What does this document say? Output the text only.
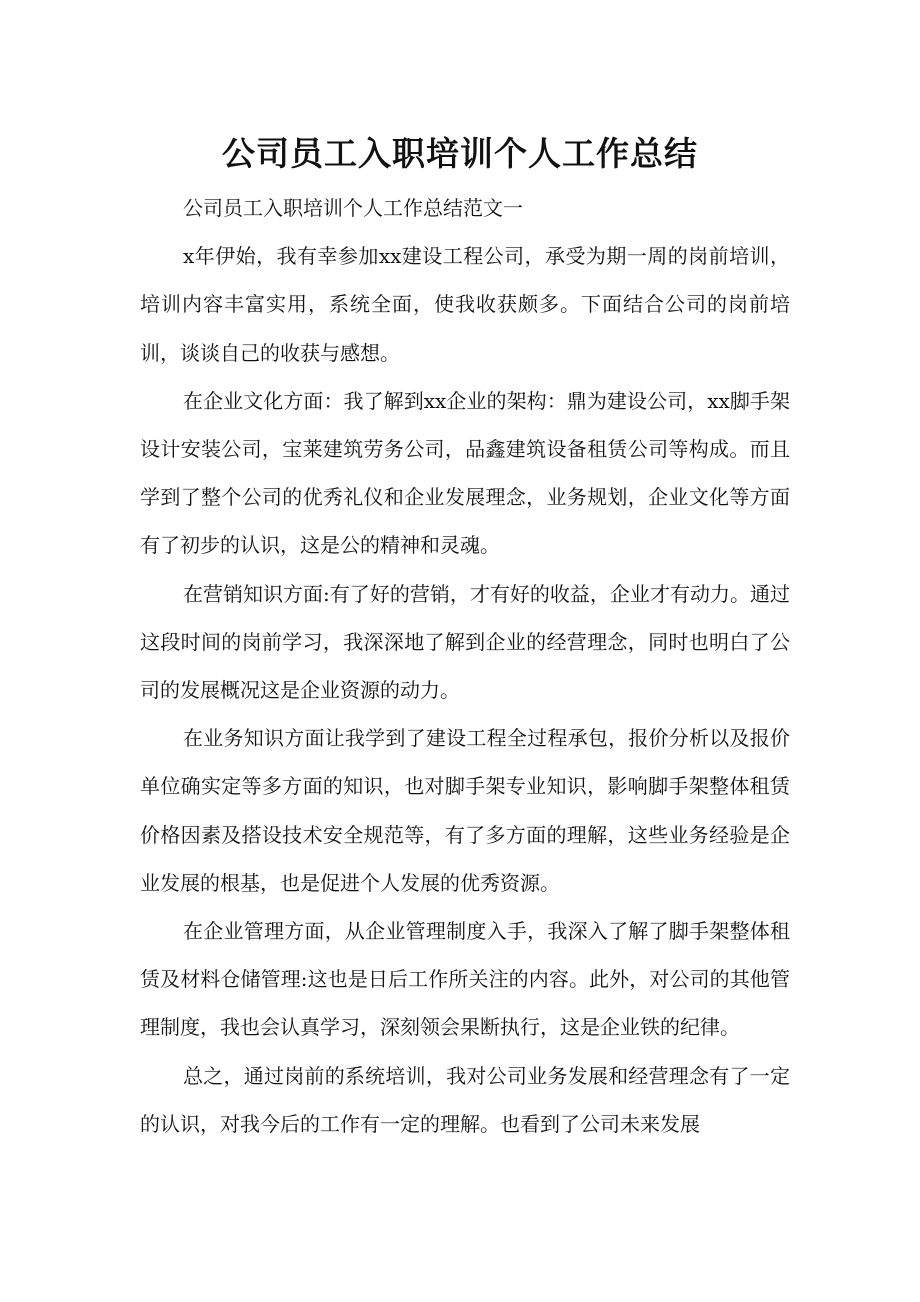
公司员工入职培训个人工作总结

公司员工入职培训个人工作总结范文一

x年伊始，我有幸参加xx建设工程公司，承受为期一周的岗前培训，培训内容丰富实用，系统全面，使我收获颇多。下面结合公司的岗前培训，谈谈自己的收获与感想。

在企业文化方面：我了解到xx企业的架构：鼎为建设公司，xx脚手架设计安装公司，宝莱建筑劳务公司，品鑫建筑设备租赁公司等构成。而且学到了整个公司的优秀礼仪和企业发展理念，业务规划，企业文化等方面有了初步的认识，这是公的精神和灵魂。

在营销知识方面:有了好的营销，才有好的收益，企业才有动力。通过这段时间的岗前学习，我深深地了解到企业的经营理念，同时也明白了公司的发展概况这是企业资源的动力。

在业务知识方面让我学到了建设工程全过程承包，报价分析以及报价单位确实定等多方面的知识，也对脚手架专业知识，影响脚手架整体租赁价格因素及搭设技术安全规范等，有了多方面的理解，这些业务经验是企业发展的根基，也是促进个人发展的优秀资源。

在企业管理方面，从企业管理制度入手，我深入了解了脚手架整体租赁及材料仓储管理:这也是日后工作所关注的内容。此外，对公司的其他管理制度，我也会认真学习，深刻领会果断执行，这是企业铁的纪律。

总之，通过岗前的系统培训，我对公司业务发展和经营理念有了一定的认识，对我今后的工作有一定的理解。也看到了公司未来发展
